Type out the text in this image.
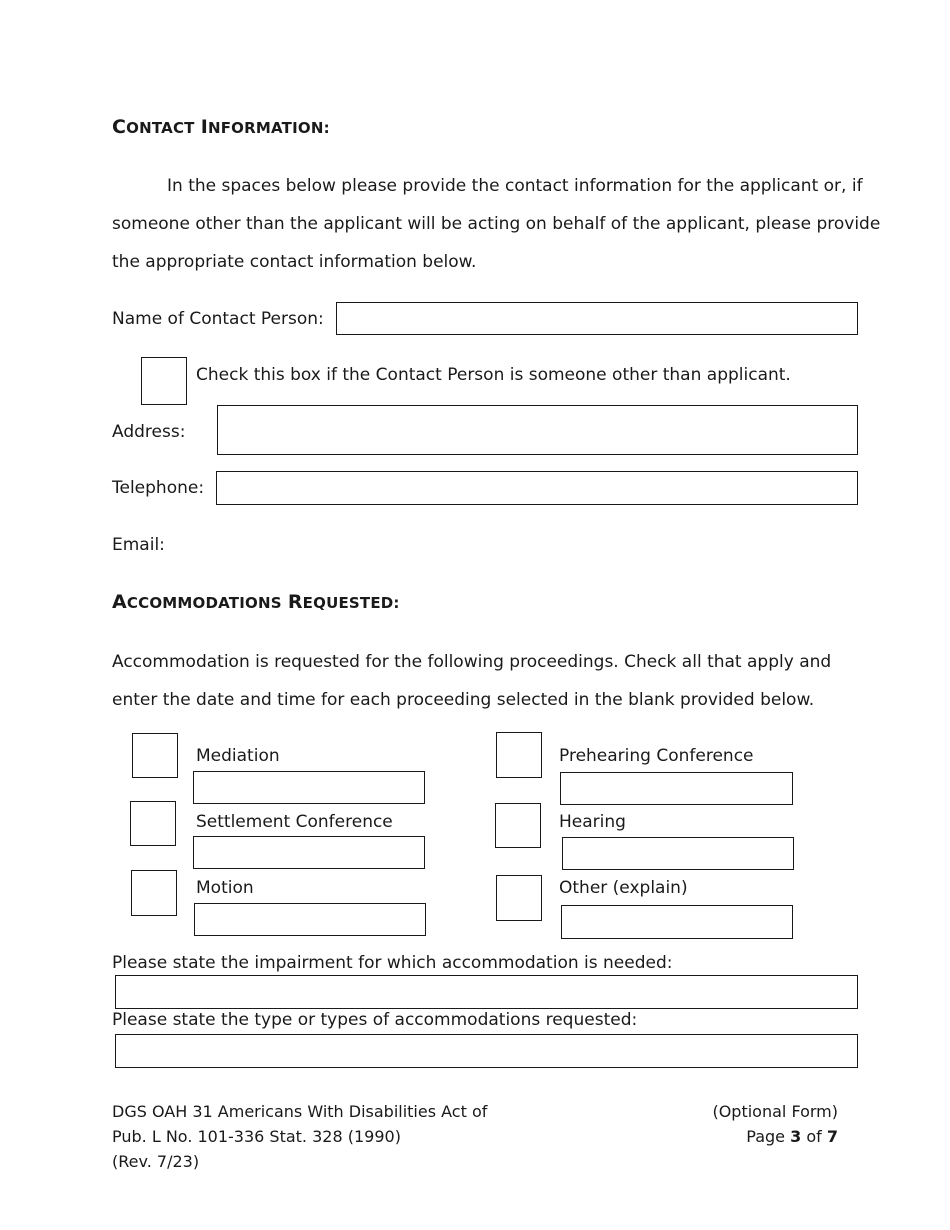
CONTACT INFORMATION:
In the spaces below please provide the contact information for the applicant or, if
someone other than the applicant will be acting on behalf of the applicant, please provide
the appropriate contact information below.
Name of Contact Person:
Check this box if the Contact Person is someone other than applicant.
Address:
Telephone:
Email:
ACCOMMODATIONS REQUESTED:
Accommodation is requested for the following proceedings. Check all that apply and
enter the date and time for each proceeding selected in the blank provided below.
Mediation	Prehearing Conference
Settlement Conference	Hearing
Motion	Other (explain)
Please state the impairment for which accommodation is needed:
Please state the type or types of accommodations requested:
DGS OAH 31 Americans With Disabilities Act of
Pub. L No. 101-336 Stat. 328 (1990)
(Rev. 7/23)
(Optional Form)
Page 3 of 7
